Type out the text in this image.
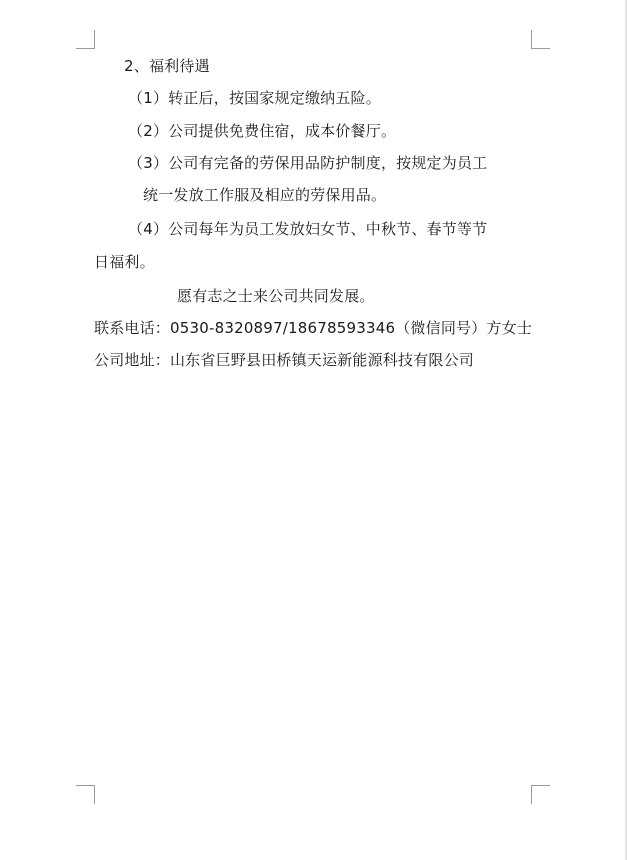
2、福利待遇
（1）转正后，按国家规定缴纳五险。
（2）公司提供免费住宿，成本价餐厅。
（3）公司有完备的劳保用品防护制度，按规定为员工
统一发放工作服及相应的劳保用品。
（4）公司每年为员工发放妇女节、中秋节、春节等节
日福利。
愿有志之士来公司共同发展。
联系电话：0530-8320897/18678593346（微信同号）方女士
公司地址：山东省巨野县田桥镇天运新能源科技有限公司
